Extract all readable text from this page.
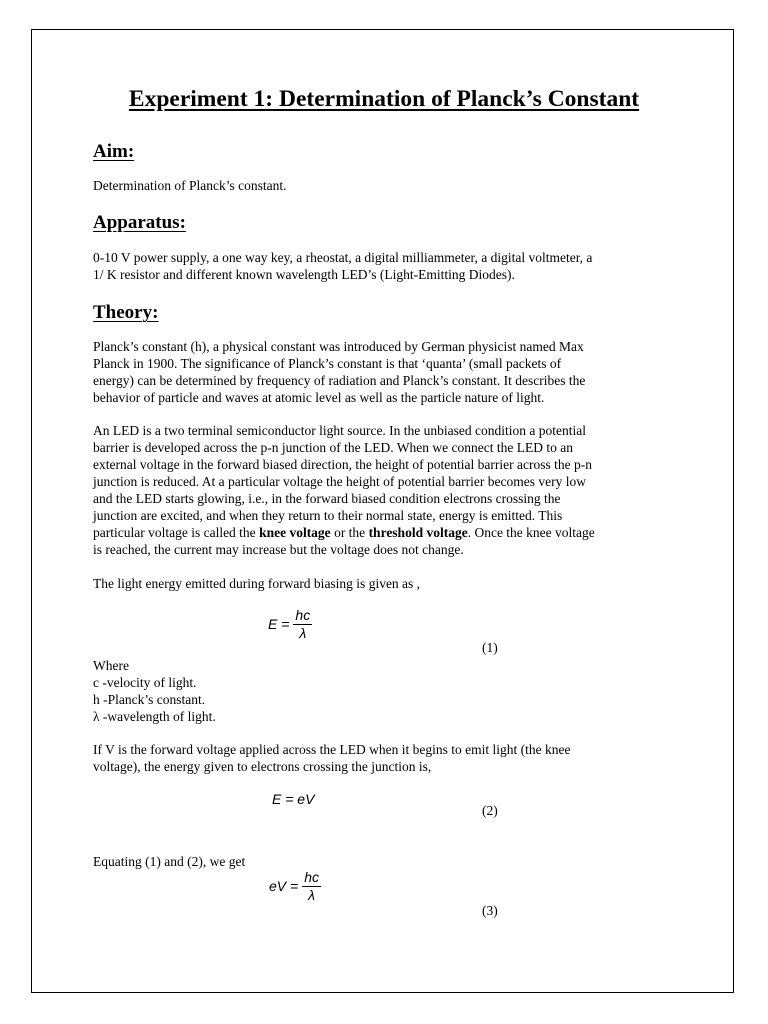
Experiment 1: Determination of Planck’s Constant
Aim:
Determination of Planck’s constant.
Apparatus:
0-10 V power supply, a one way key, a rheostat, a digital milliammeter, a digital voltmeter, a
1/ K resistor and different known wavelength LED’s (Light-Emitting Diodes).
Theory:
Planck’s constant (h), a physical constant was introduced by German physicist named Max
Planck in 1900. The significance of Planck’s constant is that ‘quanta’ (small packets of
energy) can be determined by frequency of radiation and Planck’s constant. It describes the
behavior of particle and waves at atomic level as well as the particle nature of light.
An LED is a two terminal semiconductor light source. In the unbiased condition a potential
barrier is developed across the p-n junction of the LED. When we connect the LED to an
external voltage in the forward biased direction, the height of potential barrier across the p-n
junction is reduced. At a particular voltage the height of potential barrier becomes very low
and the LED starts glowing, i.e., in the forward biased condition electrons crossing the
junction are excited, and when they return to their normal state, energy is emitted. This
particular voltage is called the knee voltage or the threshold voltage. Once the knee voltage
is reached, the current may increase but the voltage does not change.
The light energy emitted during forward biasing is given as ,
$E = \frac{hc}{\lambda}$
(1)
Where
c -velocity of light.
h -Planck’s constant.
λ -wavelength of light.
If V is the forward voltage applied across the LED when it begins to emit light (the knee
voltage), the energy given to electrons crossing the junction is,
E = eV
(2)
Equating (1) and (2), we get
eV = $\frac{hc}{\lambda}$
(3)
